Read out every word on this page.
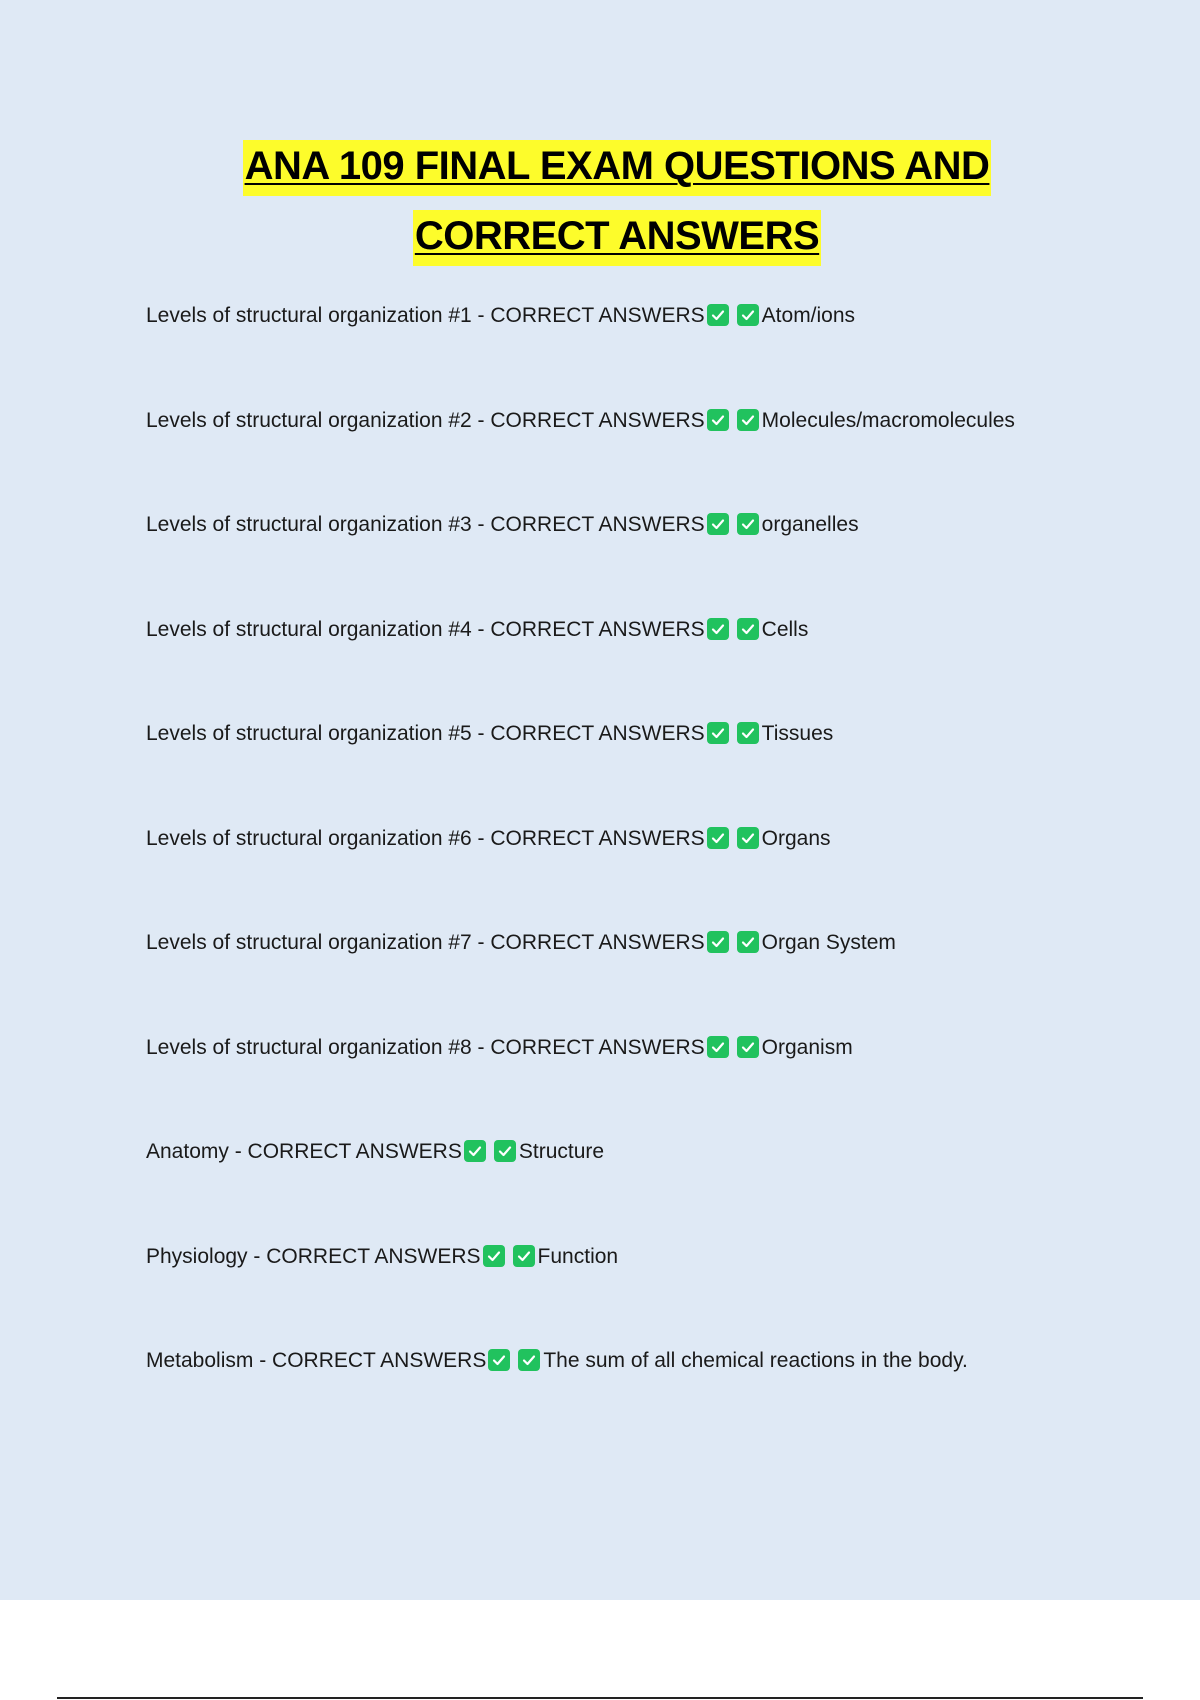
ANA 109 FINAL EXAM QUESTIONS AND
CORRECT ANSWERS
Levels of structural organization #1 - CORRECT ANSWERS	Atom/ions
Levels of structural organization #2 - CORRECT ANSWERS	Molecules/macromolecules
Levels of structural organization #3 - CORRECT ANSWERS	organelles
Levels of structural organization #4 - CORRECT ANSWERS	Cells
Levels of structural organization #5 - CORRECT ANSWERS	Tissues
Levels of structural organization #6 - CORRECT ANSWERS	Organs
Levels of structural organization #7 - CORRECT ANSWERS	Organ System
Levels of structural organization #8 - CORRECT ANSWERS	Organism
Anatomy - CORRECT ANSWERS	Structure
Physiology - CORRECT ANSWERS	Function
Metabolism - CORRECT ANSWERS	The sum of all chemical reactions in the body.
